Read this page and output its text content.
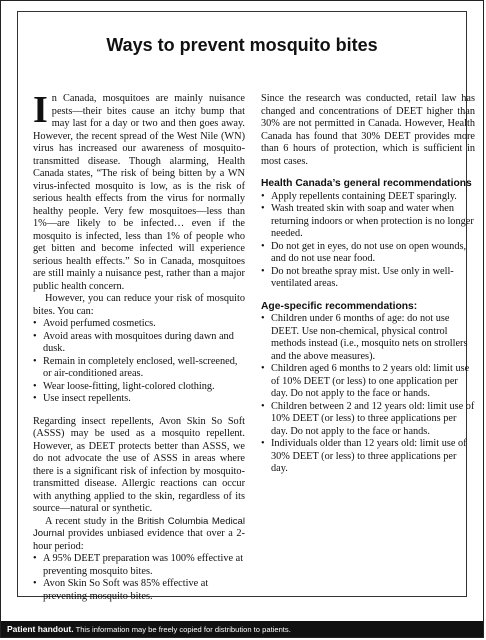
Ways to prevent mosquito bites

In Canada, mosquitoes are mainly nuisance pests—their bites cause an itchy bump that may last for a day or two and then goes away. However, the recent spread of the West Nile (WN) virus has increased our awareness of mosquito-transmitted disease. Though alarming, Health Canada states, “The risk of being bitten by a WN virus-infected mosquito is low, as is the risk of serious health effects from the virus for normally healthy people. Very few mosquitoes—less than 1%—are likely to be infected… even if the mosquito is infected, less than 1% of people who get bitten and become infected will experience serious health effects.” So in Canada, mosquitoes are still mainly a nuisance pest, rather than a major public health concern.

However, you can reduce your risk of mosquito bites. You can:

• Avoid perfumed cosmetics.
• Avoid areas with mosquitoes during dawn and dusk.
• Remain in completely enclosed, well-screened, or air-conditioned areas.
• Wear loose-fitting, light-colored clothing.
• Use insect repellents.

Regarding insect repellents, Avon Skin So Soft (ASSS) may be used as a mosquito repellent. However, as DEET protects better than ASSS, we do not advocate the use of ASSS in areas where there is a significant risk of infection by mosquito-transmitted disease. Allergic reactions can occur with anything applied to the skin, regardless of its source—natural or synthetic.

A recent study in the British Columbia Medical Journal provides unbiased evidence that over a 2-hour period:

• A 95% DEET preparation was 100% effective at preventing mosquito bites.
• Avon Skin So Soft was 85% effective at preventing mosquito bites.

Since the research was conducted, retail law has changed and concentrations of DEET higher than 30% are not permitted in Canada. However, Health Canada has found that 30% DEET provides more than 6 hours of protection, which is sufficient in most cases.

Health Canada’s general recommendations
• Apply repellents containing DEET sparingly.
• Wash treated skin with soap and water when returning indoors or when protection is no longer needed.
• Do not get in eyes, do not use on open wounds, and do not use near food.
• Do not breathe spray mist. Use only in well-ventilated areas.
Age-specific recommendations:
• Children under 6 months of age: do not use DEET. Use non-chemical, physical control methods instead (i.e., mosquito nets on strollers and the above measures).
• Children aged 6 months to 2 years old: limit use of 10% DEET (or less) to one application per day. Do not apply to the face or hands.
• Children between 2 and 12 years old: limit use of 10% DEET (or less) to three applications per day. Do not apply to the face or hands.
• Individuals older than 12 years old: limit use of 30% DEET (or less) to three applications per day.
Patient handout. This information may be freely copied for distribution to patients.
